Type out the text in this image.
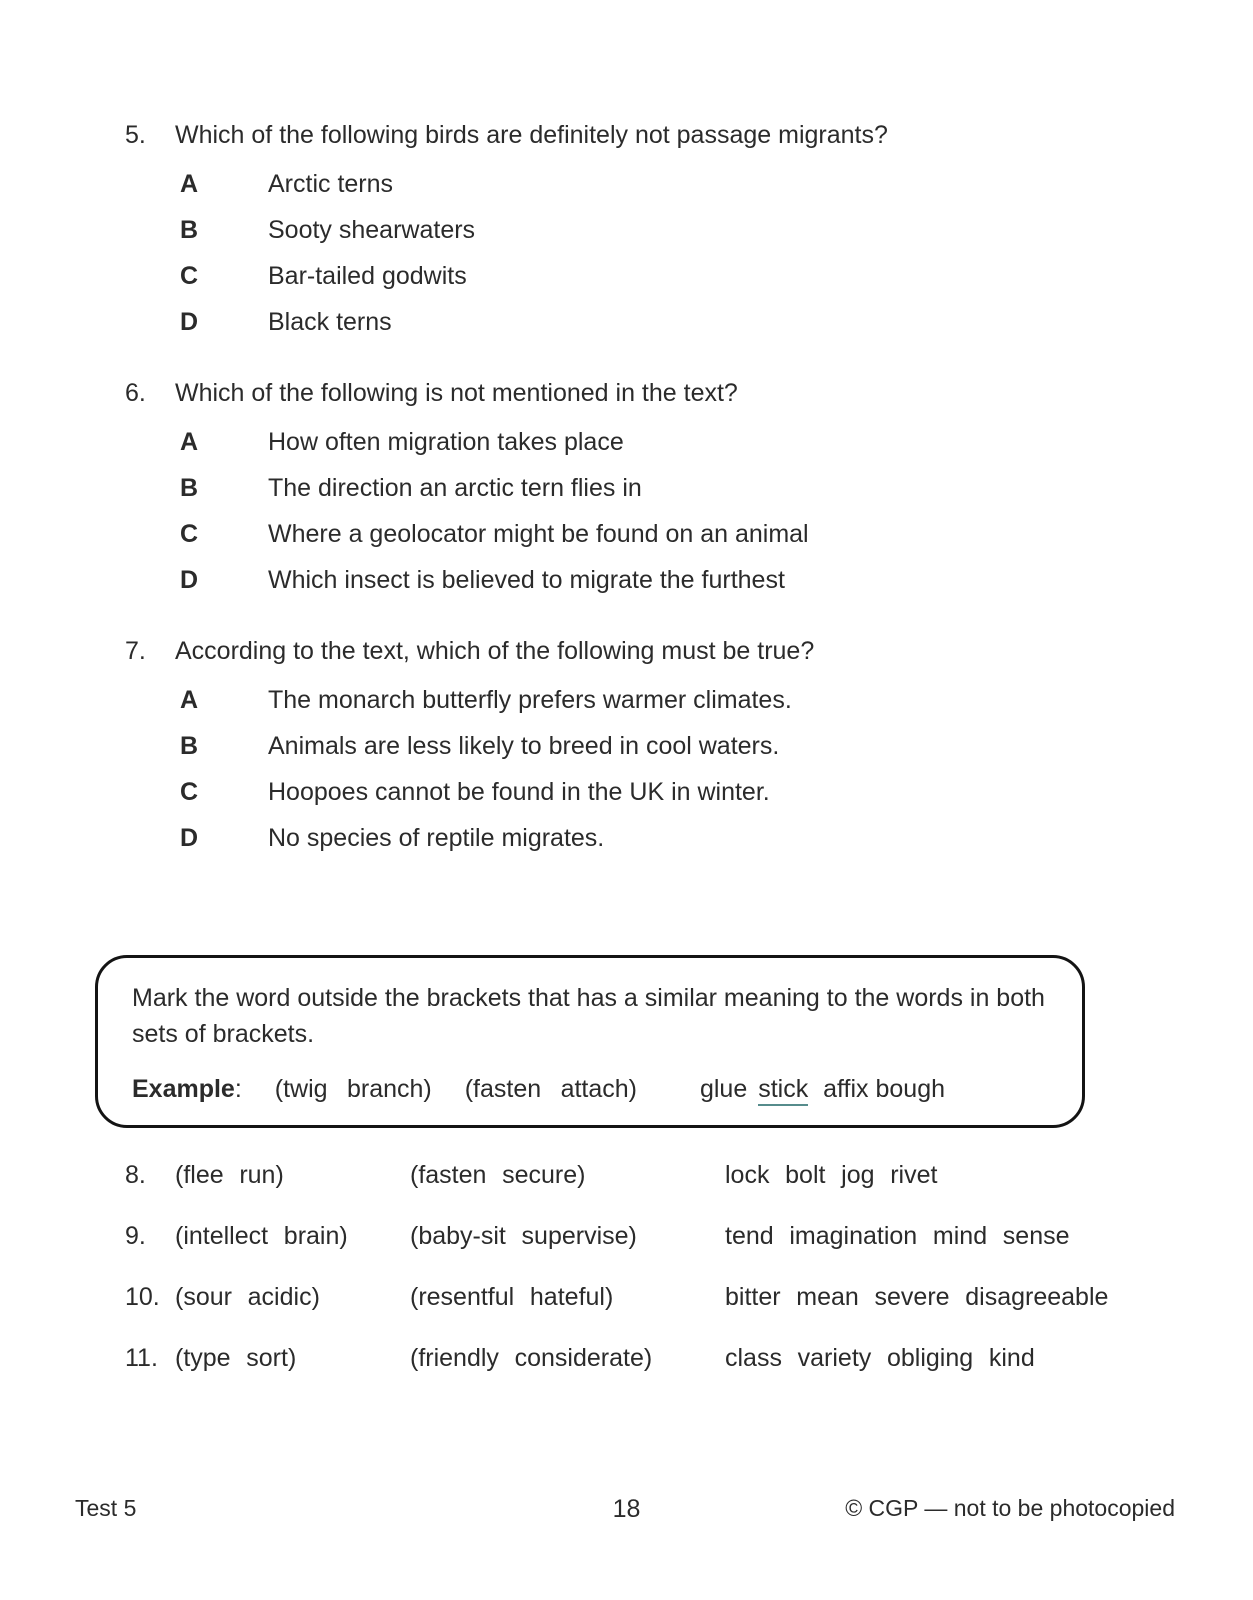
5.	Which of the following birds are definitely not passage migrants?
A	Arctic terns
B	Sooty shearwaters
C	Bar-tailed godwits
D	Black terns
6.	Which of the following is not mentioned in the text?
A	How often migration takes place
B	The direction an arctic tern flies in
C	Where a geolocator might be found on an animal
D	Which insect is believed to migrate the furthest
7.	According to the text, which of the following must be true?
A	The monarch butterfly prefers warmer climates.
B	Animals are less likely to breed in cool waters.
C	Hoopoes cannot be found in the UK in winter.
D	No species of reptile migrates.
Mark the word outside the brackets that has a similar meaning to the words in both sets of brackets.
Example: (twig branch) (fasten attach)	glue stick affix bough
8.	(flee run)	(fasten secure)	lock bolt jog rivet
9.	(intellect brain)	(baby-sit supervise)	tend imagination mind sense
10. (sour acidic)	(resentful hateful)	bitter mean severe disagreeable
11. (type sort)	(friendly considerate)	class variety obliging kind
Test 5	18	© CGP — not to be photocopied
